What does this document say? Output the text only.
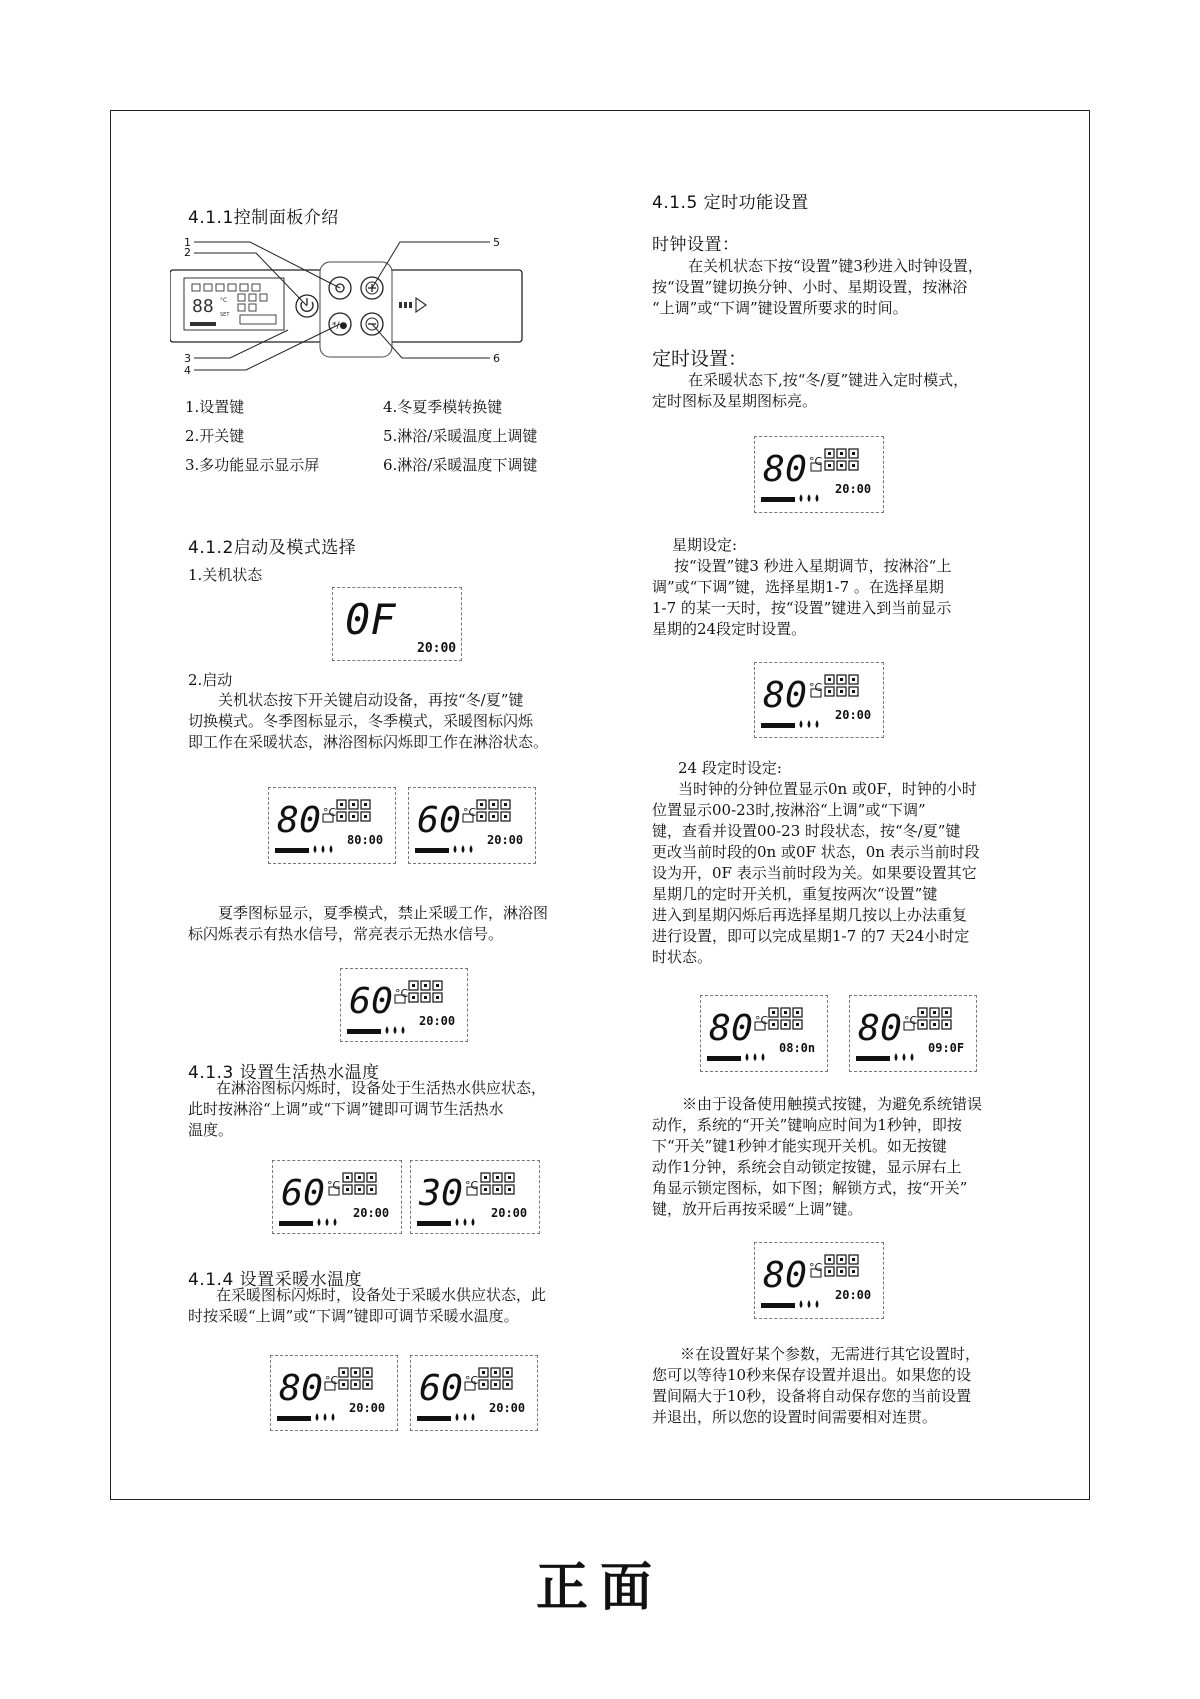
4.1.1控制面板介绍
1
2
3
4
5
6
88 °C
SET
*/●
1.设置键
2.开关键
3.多功能显示显示屏
4.冬夏季模转换键
5.淋浴/采暖温度上调键
6.淋浴/采暖温度下调键
4.1.2启动及模式选择
1.关机状态
0F
20:00
2.启动
关机状态按下开关键启动设备，再按“冬/夏”键
切换模式。冬季图标显示，冬季模式，采暖图标闪烁
即工作在采暖状态，淋浴图标闪烁即工作在淋浴状态。
80 °C
80:00 60 °C
20:00
夏季图标显示，夏季模式，禁止采暖工作，淋浴图
标闪烁表示有热水信号，常亮表示无热水信号。
60 °C
20:00
4.1.3 设置生活热水温度
在淋浴图标闪烁时，设备处于生活热水供应状态，
此时按淋浴“上调”或“下调”键即可调节生活热水
温度。
60 °C
20:00 30 °C
20:00
4.1.4 设置采暖水温度
在采暖图标闪烁时，设备处于采暖水供应状态，此
时按采暖“上调”或“下调”键即可调节采暖水温度。
80 °C
20:00 60 °C
20:00
4.1.5 定时功能设置
时钟设置：
在关机状态下按“设置”键3秒进入时钟设置，
按“设置”键切换分钟、小时、星期设置，按淋浴
“上调”或“下调”键设置所要求的时间。
定时设置：
在采暖状态下,按“冬/夏”键进入定时模式，
定时图标及星期图标亮。
80 °C
20:00
星期设定:
按“设置”键3 秒进入星期调节，按淋浴“上
调”或“下调”键，选择星期1-7 。在选择星期
1-7 的某一天时，按“设置”键进入到当前显示
星期的24段定时设置。
80 °C
20:00
24 段定时设定:
当时钟的分钟位置显示0n 或0F，时钟的小时
位置显示00-23时,按淋浴“上调”或“下调”
键，查看并设置00-23 时段状态，按“冬/夏”键
更改当前时段的0n 或0F 状态，0n 表示当前时段
设为开，0F 表示当前时段为关。如果要设置其它
星期几的定时开关机，重复按两次“设置”键
进入到星期闪烁后再选择星期几按以上办法重复
进行设置，即可以完成星期1-7 的7 天24小时定
时状态。
80 °C
08:0n 80 °C
09:0F
※由于设备使用触摸式按键，为避免系统错误
动作，系统的“开关”键响应时间为1秒钟，即按
下“开关”键1秒钟才能实现开关机。如无按键
动作1分钟，系统会自动锁定按键，显示屏右上
角显示锁定图标，如下图；解锁方式，按“开关”
键，放开后再按采暖“上调”键。
80 °C
20:00
※在设置好某个参数，无需进行其它设置时，
您可以等待10秒来保存设置并退出。如果您的设
置间隔大于10秒，设备将自动保存您的当前设置
并退出，所以您的设置时间需要相对连贯。
正面
